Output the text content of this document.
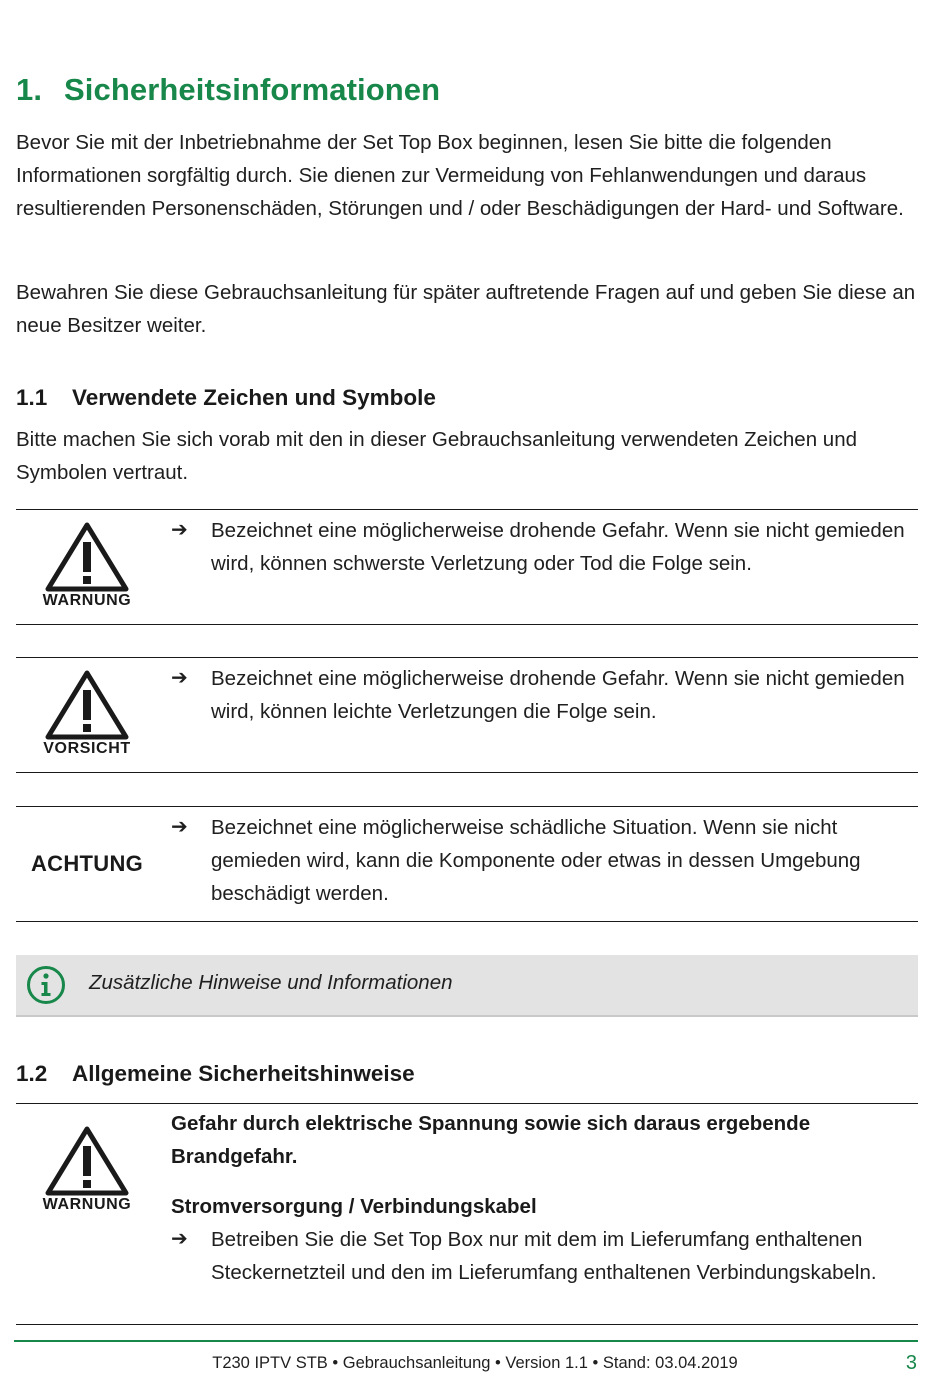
1. Sicherheitsinformationen

Bevor Sie mit der Inbetriebnahme der Set Top Box beginnen, lesen Sie bitte die folgenden Informationen sorgfältig durch. Sie dienen zur Vermeidung von Fehlanwendungen und daraus resultierenden Personenschäden, Störungen und / oder Beschädigungen der Hard- und Software.

Bewahren Sie diese Gebrauchsanleitung für später auftretende Fragen auf und geben Sie diese an neue Besitzer weiter.

1.1 Verwendete Zeichen und Symbole

Bitte machen Sie sich vorab mit den in dieser Gebrauchsanleitung verwendeten Zeichen und Symbolen vertraut.

WARNUNG
➔	Bezeichnet eine möglicherweise drohende Gefahr. Wenn sie nicht gemieden wird, können schwerste Verletzung oder Tod die Folge sein.
VORSICHT
➔	Bezeichnet eine möglicherweise drohende Gefahr. Wenn sie nicht gemieden wird, können leichte Verletzungen die Folge sein.
ACHTUNG
➔	Bezeichnet eine möglicherweise schädliche Situation. Wenn sie nicht gemieden wird, kann die Komponente oder etwas in dessen Umgebung beschädigt werden.
Zusätzliche Hinweise und Informationen
1.2 Allgemeine Sicherheitshinweise
WARNUNG
Gefahr durch elektrische Spannung sowie sich daraus ergebende Brandgefahr.
Stromversorgung / Verbindungskabel
➔	Betreiben Sie die Set Top Box nur mit dem im Lieferumfang enthaltenen Steckernetzteil und den im Lieferumfang enthaltenen Verbindungskabeln.
T230 IPTV STB • Gebrauchsanleitung • Version 1.1 • Stand: 03.04.2019	3
